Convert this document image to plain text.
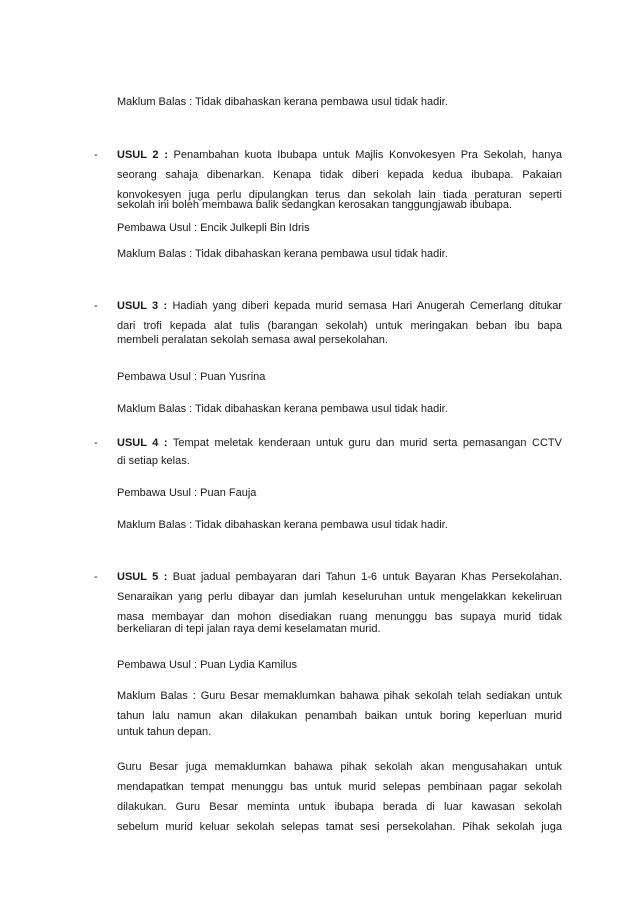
Maklum Balas : Tidak dibahaskan kerana pembawa usul tidak hadir.
- USUL 2 : Penambahan kuota Ibubapa untuk Majlis Konvokesyen Pra Sekolah, hanya
seorang sahaja dibenarkan. Kenapa tidak diberi kepada kedua ibubapa. Pakaian
konvokesyen juga perlu dipulangkan terus dan sekolah lain tiada peraturan seperti
sekolah ini boleh membawa balik sedangkan kerosakan tanggungjawab ibubapa.
Pembawa Usul : Encik Julkepli Bin Idris
Maklum Balas : Tidak dibahaskan kerana pembawa usul tidak hadir.
- USUL 3 : Hadiah yang diberi kepada murid semasa Hari Anugerah Cemerlang ditukar
dari trofi kepada alat tulis (barangan sekolah) untuk meringakan beban ibu bapa
membeli peralatan sekolah semasa awal persekolahan.
Pembawa Usul : Puan Yusrina
Maklum Balas : Tidak dibahaskan kerana pembawa usul tidak hadir.
- USUL 4 : Tempat meletak kenderaan untuk guru dan murid serta pemasangan CCTV
di setiap kelas.
Pembawa Usul : Puan Fauja
Maklum Balas : Tidak dibahaskan kerana pembawa usul tidak hadir.
- USUL 5 : Buat jadual pembayaran dari Tahun 1-6 untuk Bayaran Khas Persekolahan.
Senaraikan yang perlu dibayar dan jumlah keseluruhan untuk mengelakkan kekeliruan
masa membayar dan mohon disediakan ruang menunggu bas supaya murid tidak
berkeliaran di tepi jalan raya demi keselamatan murid.
Pembawa Usul : Puan Lydia Kamilus
Maklum Balas : Guru Besar memaklumkan bahawa pihak sekolah telah sediakan untuk
tahun lalu namun akan dilakukan penambah baikan untuk boring keperluan murid
untuk tahun depan.
Guru Besar juga memaklumkan bahawa pihak sekolah akan mengusahakan untuk
mendapatkan tempat menunggu bas untuk murid selepas pembinaan pagar sekolah
dilakukan. Guru Besar meminta untuk ibubapa berada di luar kawasan sekolah
sebelum murid keluar sekolah selepas tamat sesi persekolahan. Pihak sekolah juga
